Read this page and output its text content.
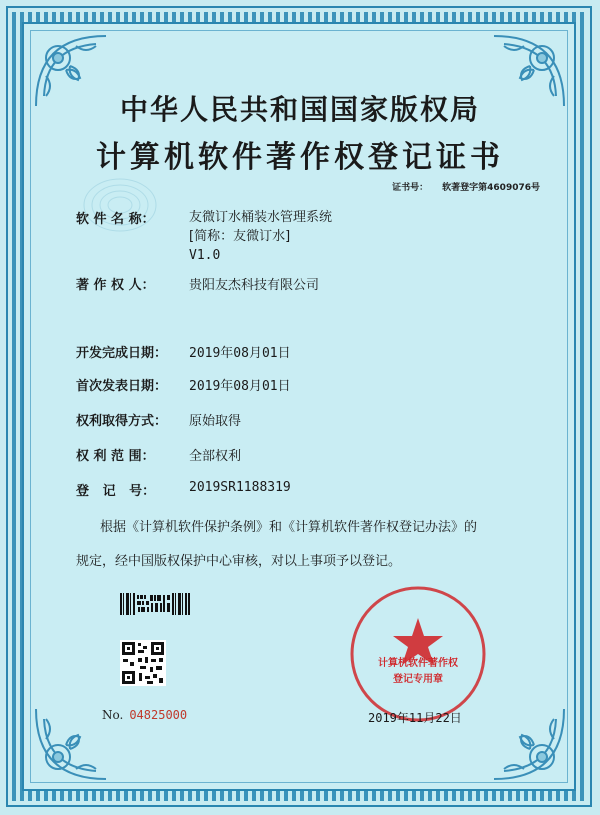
中华人民共和国国家版权局
计算机软件著作权登记证书
证书号： 软著登字第4609076号
软 件 名 称：	友微订水桶装水管理系统
[简称：友微订水]
V1.0
著 作 权 人：	贵阳友杰科技有限公司
开发完成日期： 2019年08月01日
首次发表日期： 2019年08月01日
权利取得方式： 原始取得
权 利 范 围：	全部权利
登   记   号：	2019SR1188319
根据《计算机软件保护条例》和《计算机软件著作权登记办法》的
规定，经中国版权保护中心审核，对以上事项予以登记。
No. 04825000
计算机软件著作权
登记专用章
2019年11月22日
